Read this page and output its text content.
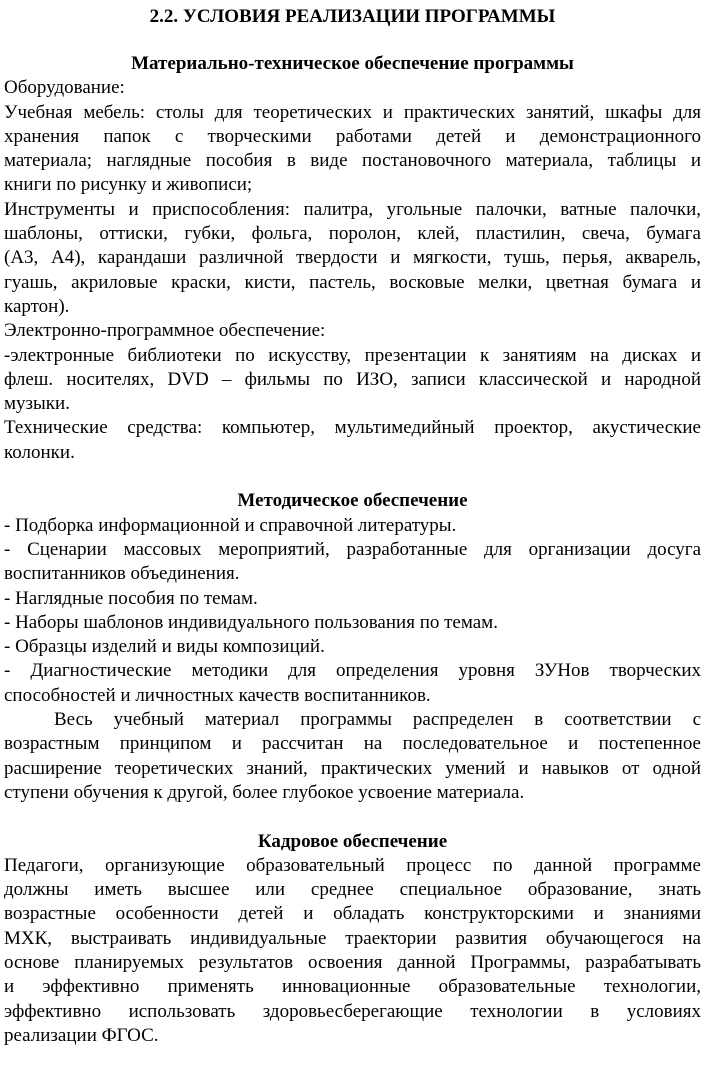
2.2. УСЛОВИЯ РЕАЛИЗАЦИИ ПРОГРАММЫ
Материально-техническое обеспечение программы
Оборудование:
Учебная мебель: столы для теоретических и практических занятий, шкафы для
хранения папок с творческими работами детей и демонстрационного
материала; наглядные пособия в виде постановочного материала, таблицы и
книги по рисунку и живописи;
Инструменты и приспособления: палитра, угольные палочки, ватные палочки,
шаблоны, оттиски, губки, фольга, поролон, клей, пластилин, свеча, бумага
(А3, А4), карандаши различной твердости и мягкости, тушь, перья, акварель,
гуашь, акриловые краски, кисти, пастель, восковые мелки, цветная бумага и
картон).
Электронно-программное обеспечение:
-электронные библиотеки по искусству, презентации к занятиям на дисках и
флеш. носителях, DVD – фильмы по ИЗО, записи классической и народной
музыки.
Технические средства: компьютер, мультимедийный проектор, акустические
колонки.
Методическое обеспечение
- Подборка информационной и справочной литературы.
- Сценарии массовых мероприятий, разработанные для организации досуга
воспитанников объединения.
- Наглядные пособия по темам.
- Наборы шаблонов индивидуального пользования по темам.
- Образцы изделий и виды композиций.
- Диагностические методики для определения уровня ЗУНов творческих
способностей и личностных качеств воспитанников.
Весь учебный материал программы распределен в соответствии с
возрастным принципом и рассчитан на последовательное и постепенное
расширение теоретических знаний, практических умений и навыков от одной
ступени обучения к другой, более глубокое усвоение материала.
Кадровое обеспечение
Педагоги, организующие образовательный процесс по данной программе
должны иметь высшее или среднее специальное образование, знать
возрастные особенности детей и обладать конструкторскими и знаниями
МХК, выстраивать индивидуальные траектории развития обучающегося на
основе планируемых результатов освоения данной Программы, разрабатывать
и эффективно применять инновационные образовательные технологии,
эффективно использовать здоровьесберегающие технологии в условиях
реализации ФГОС.
